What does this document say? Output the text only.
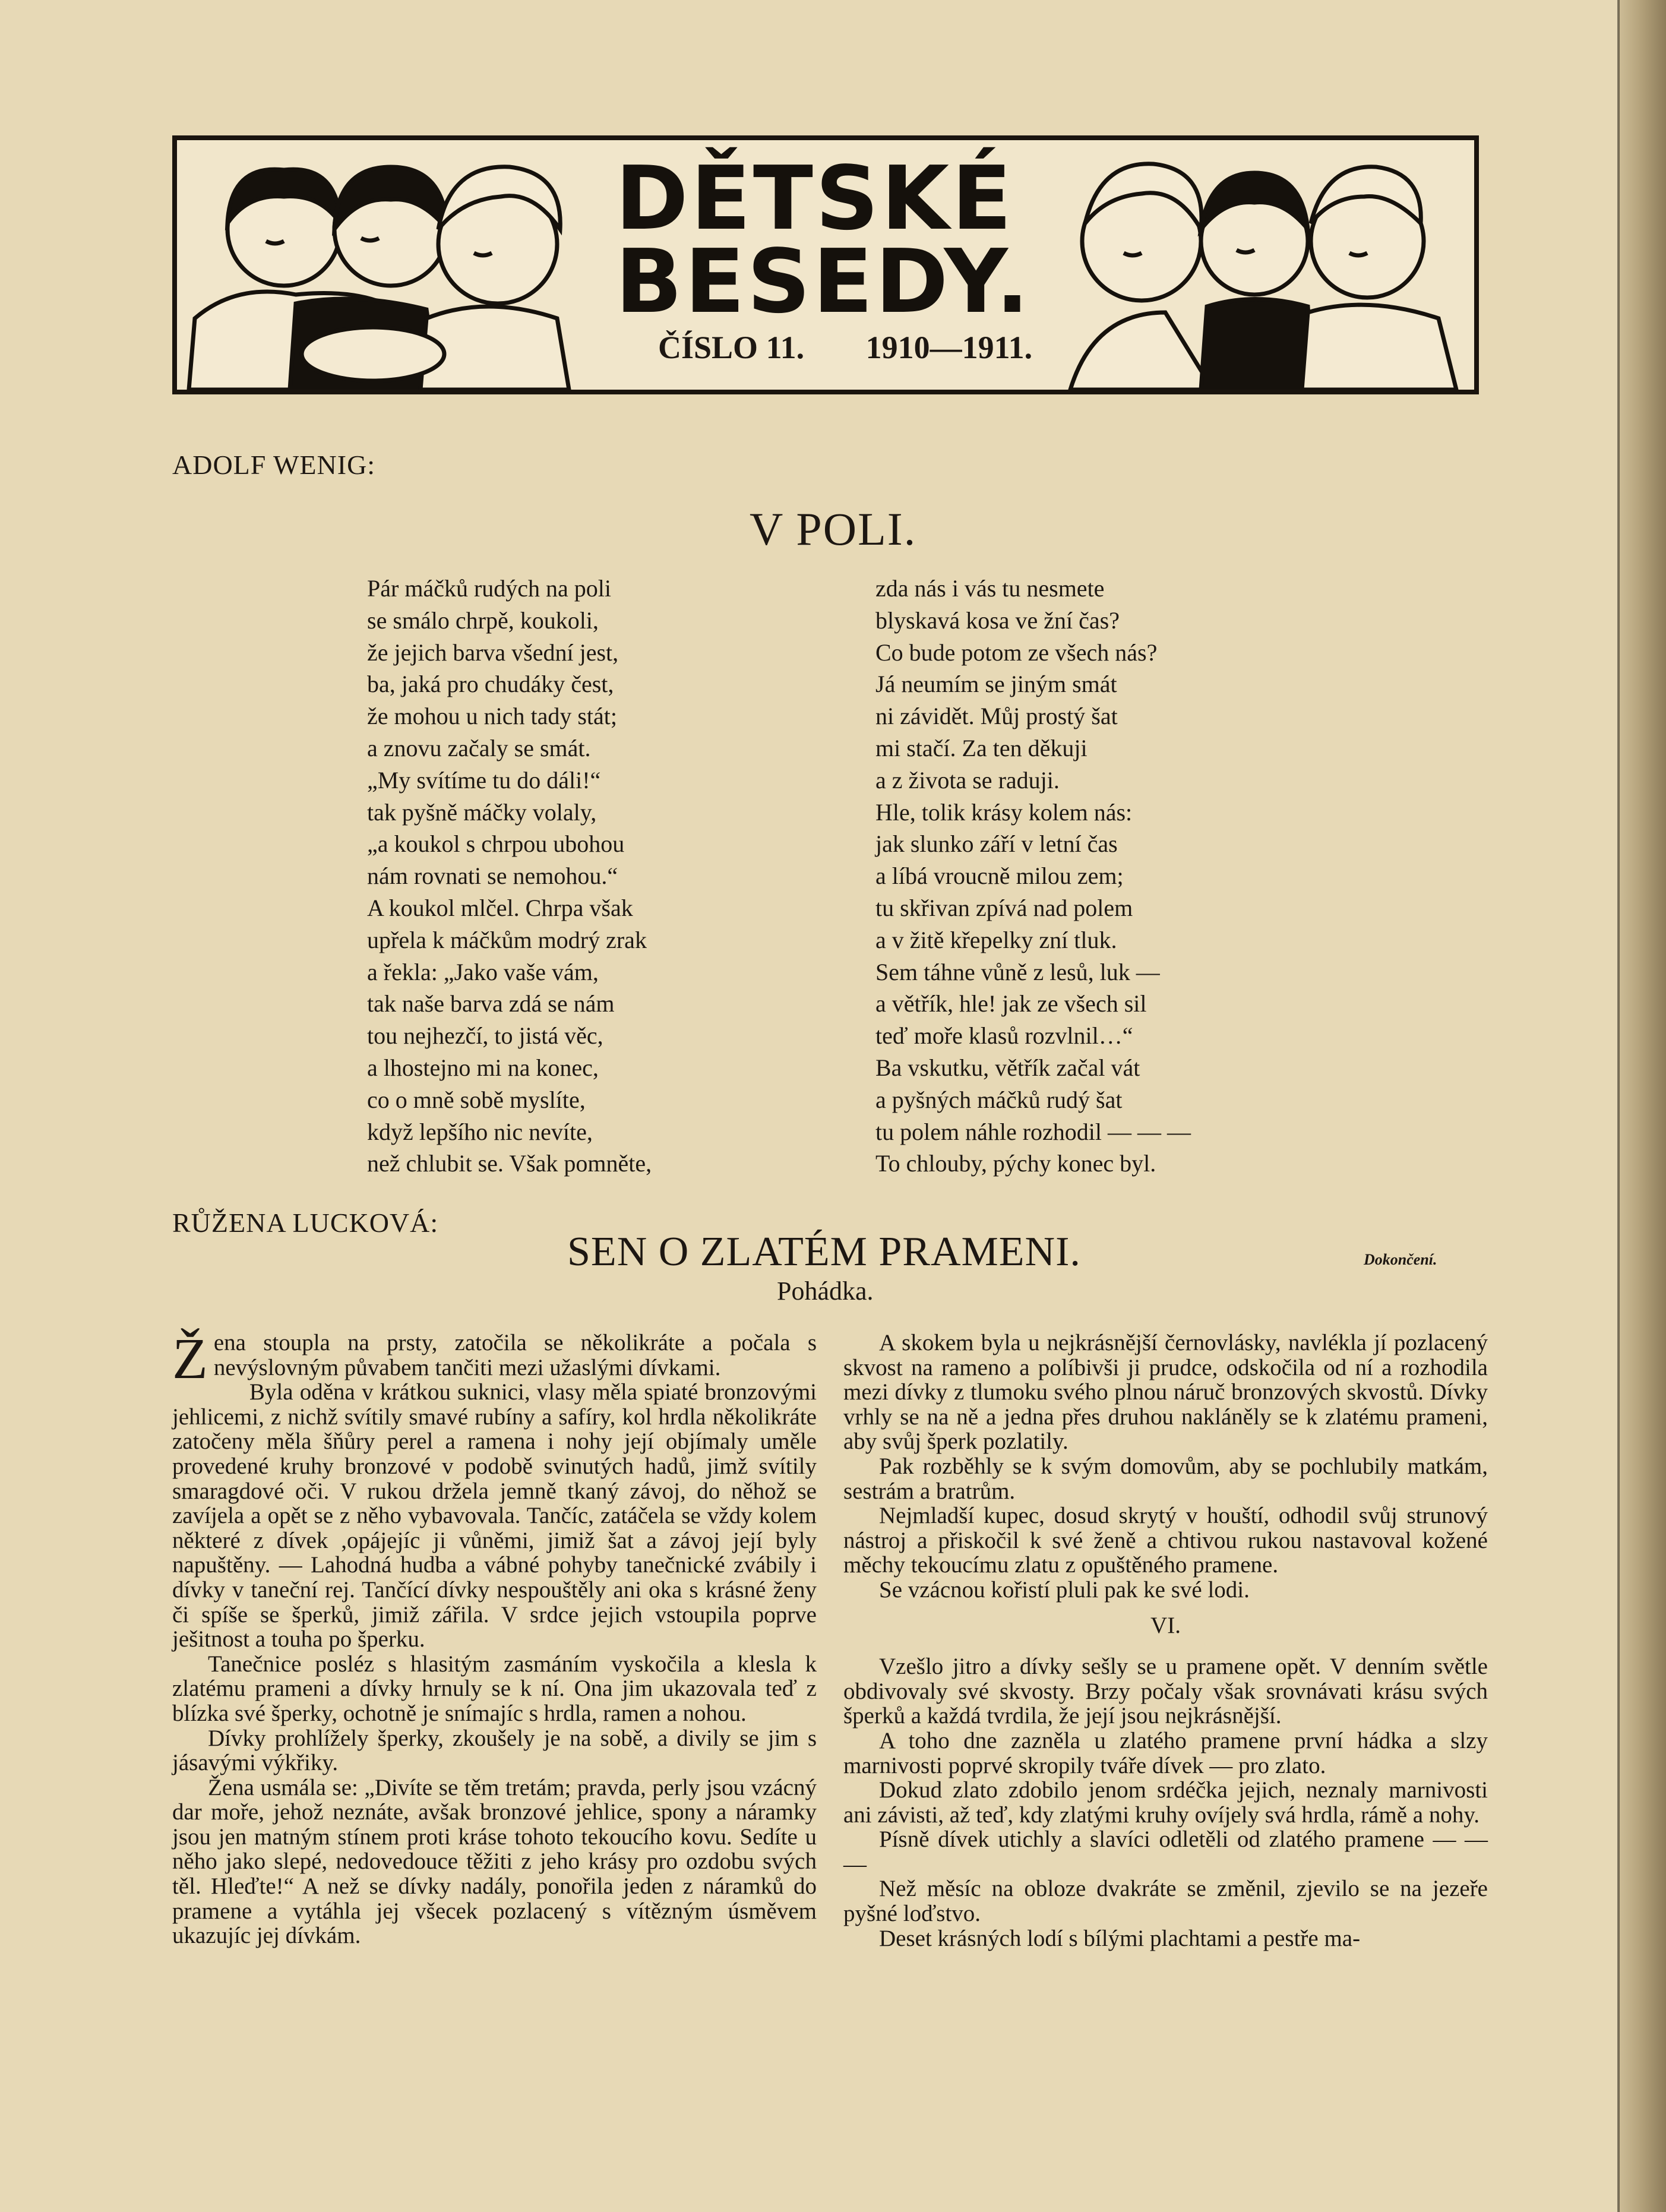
DĚTSKÉ
BESEDY.
ČÍSLO 11. 1910—1911.
ADOLF WENIG:
V POLI.
Pár máčků rudých na poli
se smálo chrpě, koukoli,
že jejich barva všední jest,
ba, jaká pro chudáky čest,
že mohou u nich tady stát;
a znovu začaly se smát.
„My svítíme tu do dáli!“
tak pyšně máčky volaly,
„a koukol s chrpou ubohou
nám rovnati se nemohou.“
A koukol mlčel. Chrpa však
upřela k máčkům modrý zrak
a řekla: „Jako vaše vám,
tak naše barva zdá se nám
tou nejhezčí, to jistá věc,
a lhostejno mi na konec,
co o mně sobě myslíte,
když lepšího nic nevíte,
než chlubit se. Však pomněte,
zda nás i vás tu nesmete
blyskavá kosa ve žní čas?
Co bude potom ze všech nás?
Já neumím se jiným smát
ni závidět. Můj prostý šat
mi stačí. Za ten děkuji
a z života se raduji.
Hle, tolik krásy kolem nás:
jak slunko září v letní čas
a líbá vroucně milou zem;
tu skřivan zpívá nad polem
a v žitě křepelky zní tluk.
Sem táhne vůně z lesů, luk —
a větřík, hle! jak ze všech sil
teď moře klasů rozvlnil…“
Ba vskutku, větřík začal vát
a pyšných máčků rudý šat
tu polem náhle rozhodil — — —
To chlouby, pýchy konec byl.
RŮŽENA LUCKOVÁ:
SEN O ZLATÉM PRAMENI.	Dokončení.
Pohádka.

Žena stoupla na prsty, zatočila se několikráte a počala s nevýslovným půvabem tančiti mezi užaslými dívkami.

Byla oděna v krátkou suknici, vlasy měla spiaté bronzovými jehlicemi, z nichž svítily smavé rubíny a safíry, kol hrdla několikráte zatočeny měla šňůry perel a ramena i nohy její objímaly uměle provedené kruhy bronzové v podobě svinutých hadů, jimž svítily smaragdové oči. V rukou držela jemně tkaný závoj, do něhož se zavíjela a opět se z něho vybavovala. Tančíc, zatáčela se vždy kolem některé z dívek ,opájejíc ji vůněmi, jimiž šat a závoj její byly napuštěny. — Lahodná hudba a vábné pohyby tanečnické zvábily i dívky v taneční rej. Tančící dívky nespouštěly ani oka s krásné ženy či spíše se šperků, jimiž zářila. V srdce jejich vstoupila poprve ješitnost a touha po šperku.

Tanečnice posléz s hlasitým zasmáním vyskočila a klesla k zlatému prameni a dívky hrnuly se k ní. Ona jim ukazovala teď z blízka své šperky, ochotně je snímajíc s hrdla, ramen a nohou.

Dívky prohlížely šperky, zkoušely je na sobě, a divily se jim s jásavými výkřiky.

Žena usmála se: „Divíte se těm tretám; pravda, perly jsou vzácný dar moře, jehož neznáte, avšak bronzové jehlice, spony a náramky jsou jen matným stínem proti kráse tohoto tekoucího kovu. Sedíte u něho jako slepé, nedovedouce těžiti z jeho krásy pro ozdobu svých těl. Hleďte!“ A než se dívky nadály, ponořila jeden z náramků do pramene a vytáhla jej všecek pozlacený s vítězným úsměvem ukazujíc jej dívkám.

A skokem byla u nejkrásnější černovlásky, navlékla jí pozlacený skvost na rameno a políbivši ji prudce, odskočila od ní a rozhodila mezi dívky z tlumoku svého plnou náruč bronzových skvostů. Dívky vrhly se na ně a jedna přes druhou nakláněly se k zlatému prameni, aby svůj šperk pozlatily.

Pak rozběhly se k svým domovům, aby se pochlubily matkám, sestrám a bratrům.

Nejmladší kupec, dosud skrytý v houští, odhodil svůj strunový nástroj a přiskočil k své ženě a chtivou rukou nastavoval kožené měchy tekoucímu zlatu z opuštěného pramene.

Se vzácnou kořistí pluli pak ke své lodi.

VI.

Vzešlo jitro a dívky sešly se u pramene opět. V denním světle obdivovaly své skvosty. Brzy počaly však srovnávati krásu svých šperků a každá tvrdila, že její jsou nejkrásnější.

A toho dne zazněla u zlatého pramene první hádka a slzy marnivosti poprvé skropily tváře dívek — pro zlato.

Dokud zlato zdobilo jenom srdéčka jejich, neznaly marnivosti ani závisti, až teď, kdy zlatými kruhy ovíjely svá hrdla, rámě a nohy.

Písně dívek utichly a slavíci odletěli od zlatého pramene — — —

Než měsíc na obloze dvakráte se změnil, zjevilo se na jezeře pyšné loďstvo.

Deset krásných lodí s bílými plachtami a pestře ma-
